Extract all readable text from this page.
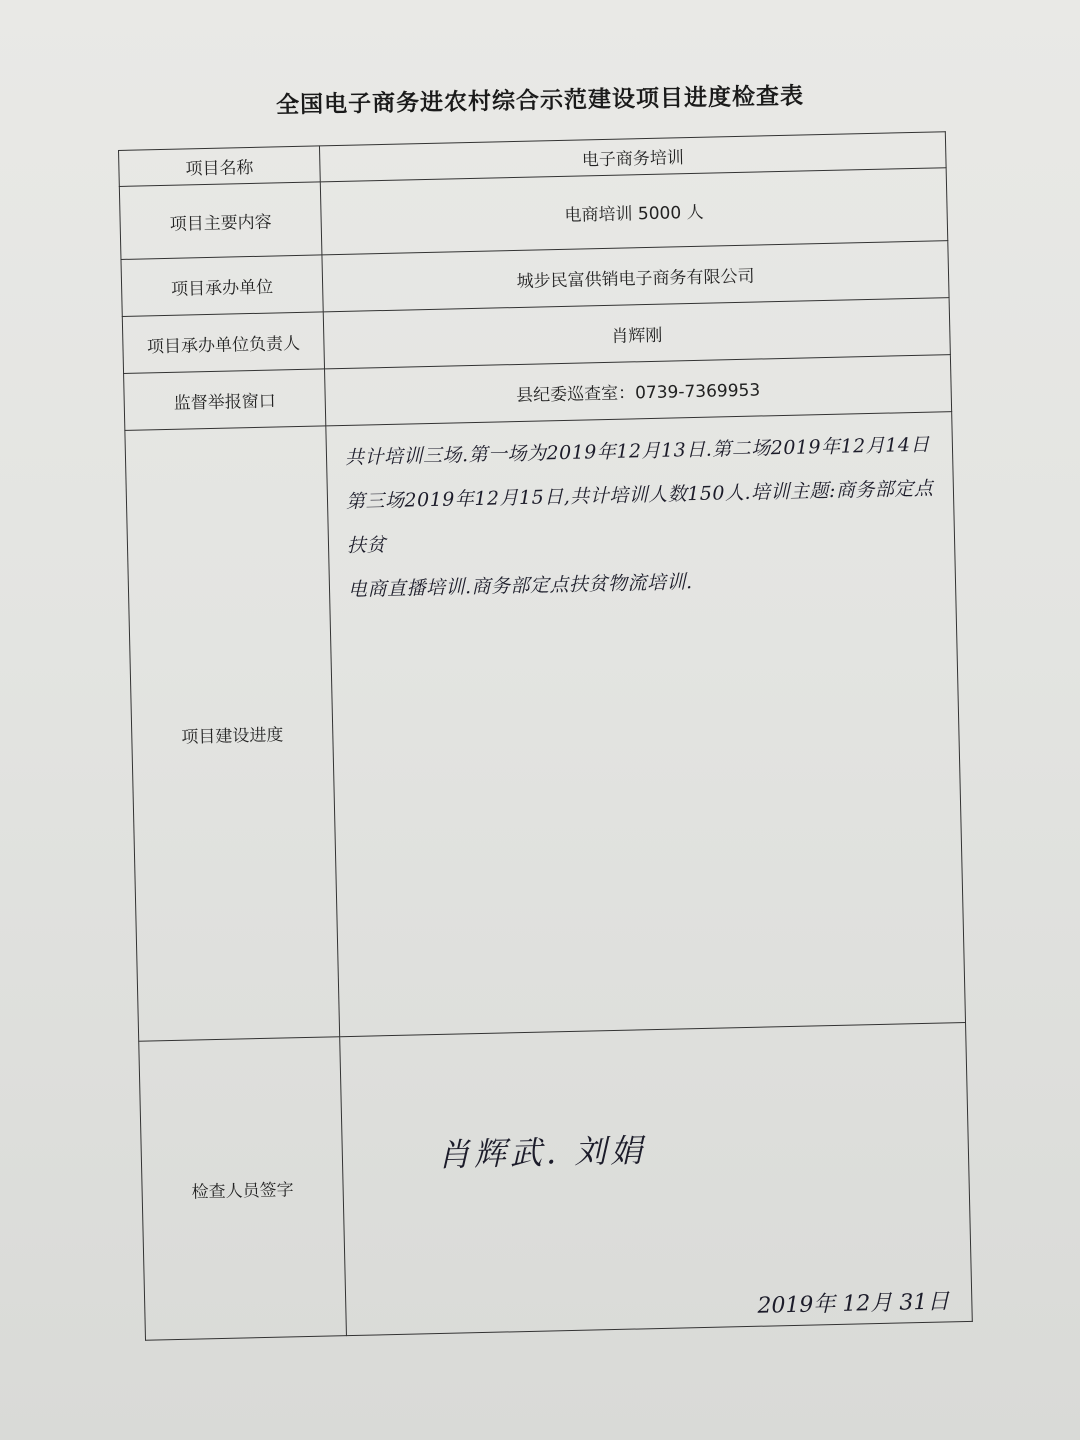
全国电子商务进农村综合示范建设项目进度检查表
项目名称	电子商务培训
项目主要内容	电商培训 5000 人
项目承办单位	城步民富供销电子商务有限公司
项目承办单位负责人	肖辉刚
监督举报窗口	县纪委巡查室：0739-7369953
项目建设进度	共计培训三场.第一场为2019年12月13日.第二场2019年12月14日
第三场2019年12月15日,共计培训人数150人.培训主题:商务部定点扶贫
电商直播培训.商务部定点扶贫物流培训.

检查人员签字	肖辉武. 刘娟
2019年 12月 31日
